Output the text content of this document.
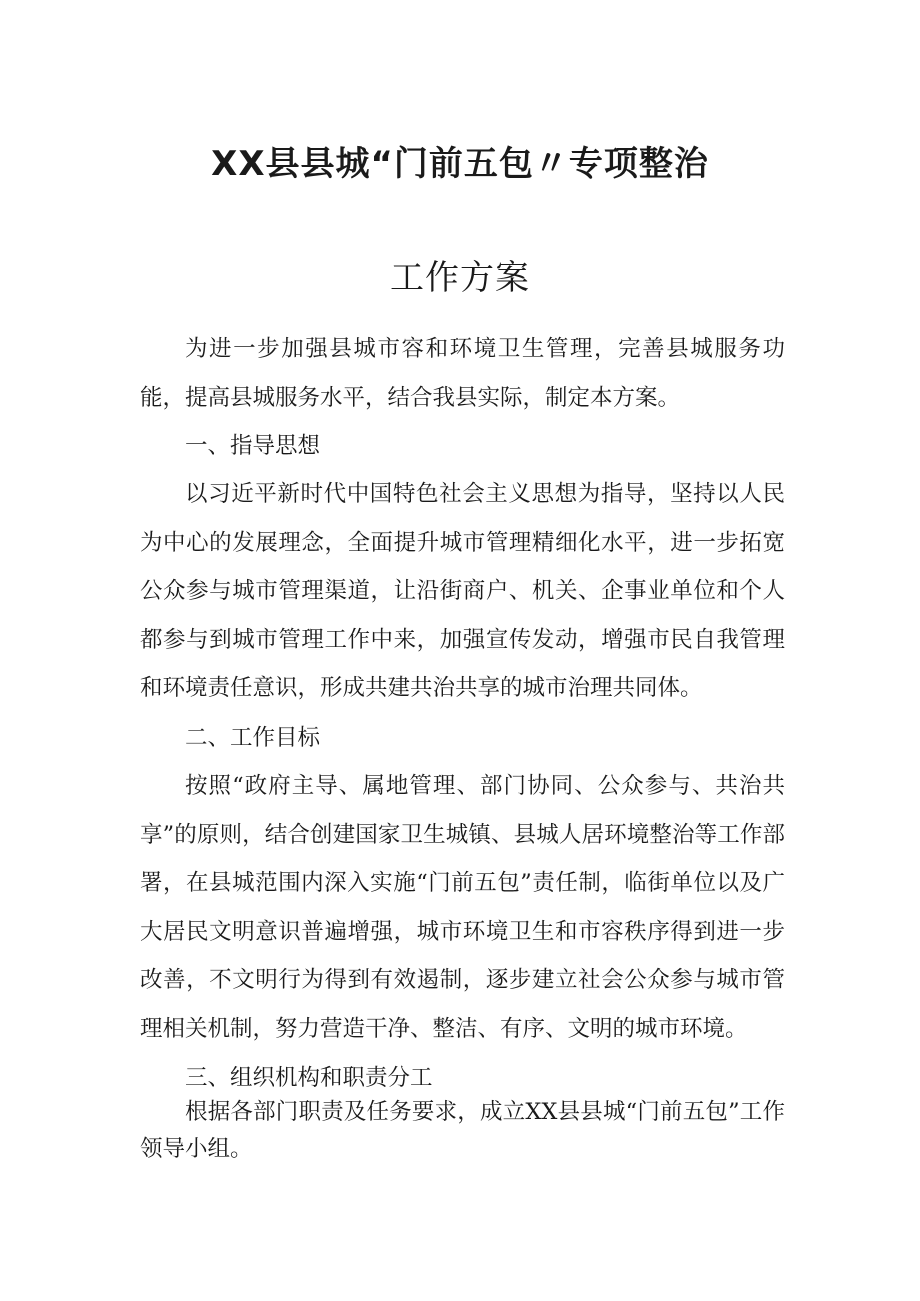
XX县县城“门前五包〃专项整治
工作方案

为进一步加强县城市容和环境卫生管理，完善县城服务功能，提高县城服务水平，结合我县实际，制定本方案。

一、指导思想

以习近平新时代中国特色社会主义思想为指导，坚持以人民为中心的发展理念，全面提升城市管理精细化水平，进一步拓宽公众参与城市管理渠道，让沿街商户、机关、企事业单位和个人都参与到城市管理工作中来，加强宣传发动，增强市民自我管理和环境责任意识，形成共建共治共享的城市治理共同体。

二、工作目标

按照“政府主导、属地管理、部门协同、公众参与、共治共享”的原则，结合创建国家卫生城镇、县城人居环境整治等工作部署，在县城范围内深入实施“门前五包”责任制，临街单位以及广大居民文明意识普遍增强，城市环境卫生和市容秩序得到进一步改善，不文明行为得到有效遏制，逐步建立社会公众参与城市管理相关机制，努力营造干净、整洁、有序、文明的城市环境。

三、组织机构和职责分工

根据各部门职责及任务要求，成立XX县县城“门前五包”工作领导小组。
